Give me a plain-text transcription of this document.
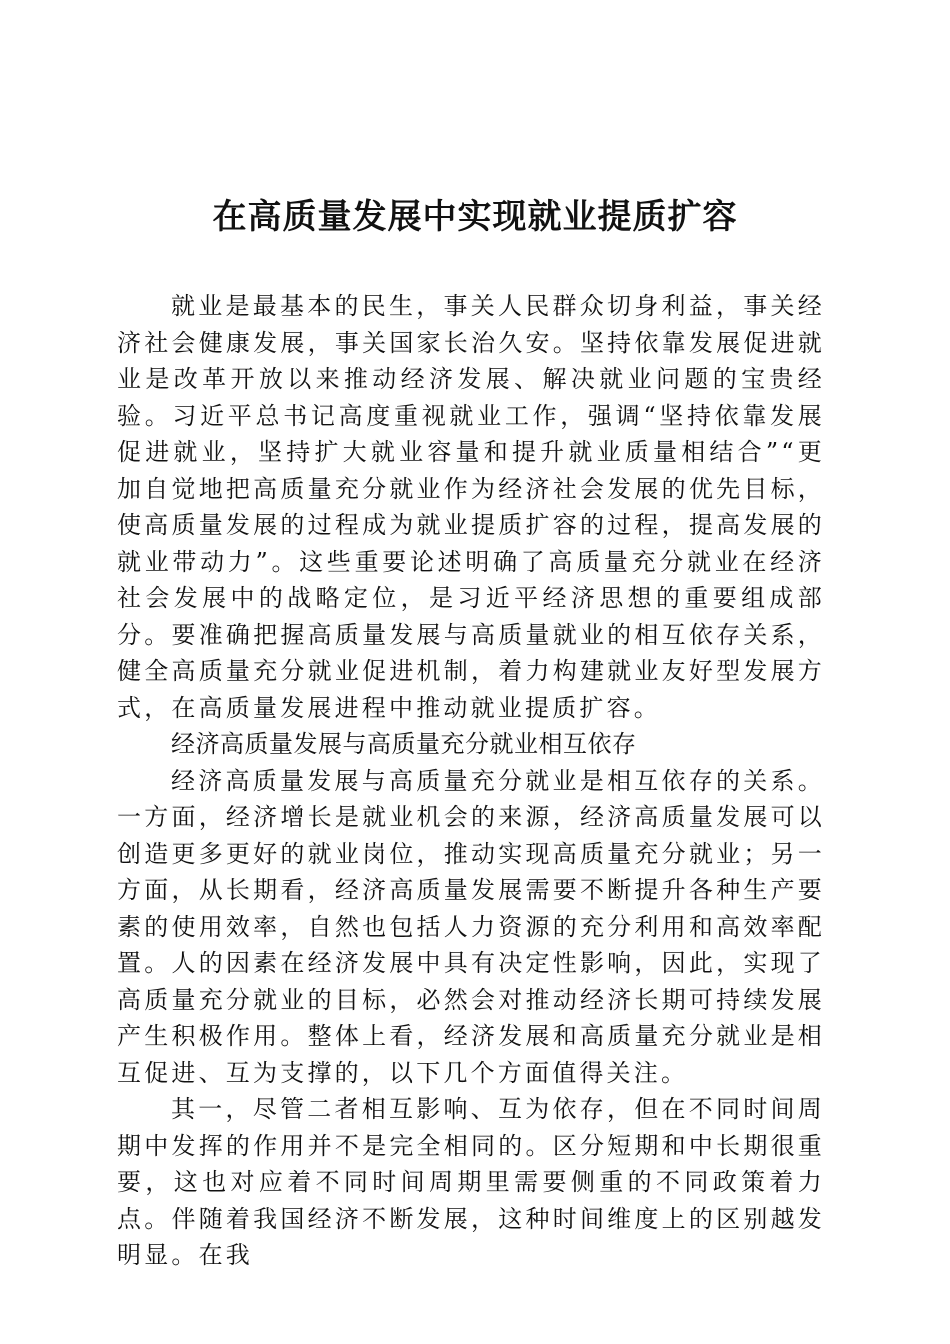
在高质量发展中实现就业提质扩容

就业是最基本的民生，事关人民群众切身利益，事关经济社会健康发展，事关国家长治久安。坚持依靠发展促进就业是改革开放以来推动经济发展、解决就业问题的宝贵经验。习近平总书记高度重视就业工作，强调“坚持依靠发展促进就业，坚持扩大就业容量和提升就业质量相结合”“更加自觉地把高质量充分就业作为经济社会发展的优先目标，使高质量发展的过程成为就业提质扩容的过程，提高发展的就业带动力”。这些重要论述明确了高质量充分就业在经济社会发展中的战略定位，是习近平经济思想的重要组成部分。要准确把握高质量发展与高质量就业的相互依存关系，健全高质量充分就业促进机制，着力构建就业友好型发展方式，在高质量发展进程中推动就业提质扩容。

经济高质量发展与高质量充分就业相互依存

经济高质量发展与高质量充分就业是相互依存的关系。一方面，经济增长是就业机会的来源，经济高质量发展可以创造更多更好的就业岗位，推动实现高质量充分就业；另一方面，从长期看，经济高质量发展需要不断提升各种生产要素的使用效率，自然也包括人力资源的充分利用和高效率配置。人的因素在经济发展中具有决定性影响，因此，实现了高质量充分就业的目标，必然会对推动经济长期可持续发展产生积极作用。整体上看，经济发展和高质量充分就业是相互促进、互为支撑的，以下几个方面值得关注。

其一，尽管二者相互影响、互为依存，但在不同时间周期中发挥的作用并不是完全相同的。区分短期和中长期很重要，这也对应着不同时间周期里需要侧重的不同政策着力点。伴随着我国经济不断发展，这种时间维度上的区别越发明显。在我
